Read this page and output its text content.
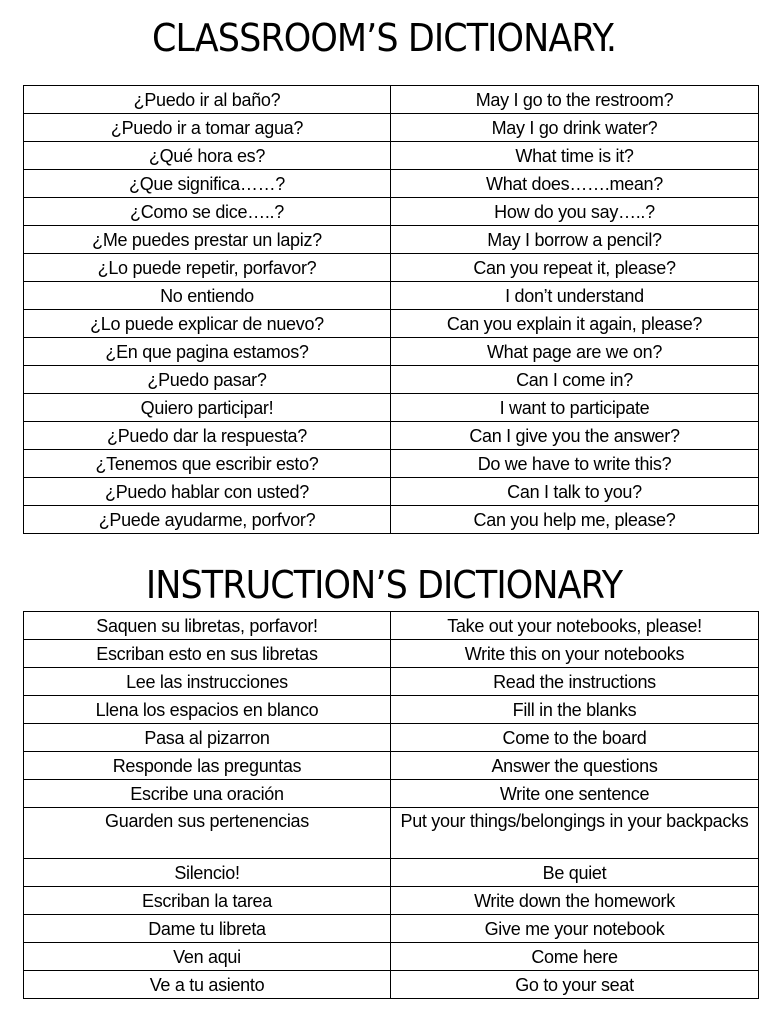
CLASSROOM’S DICTIONARY.
¿Puedo ir al baño?	May I go to the restroom?
¿Puedo ir a tomar agua?	May I go drink water?
¿Qué hora es?	What time is it?
¿Que significa……?	What does…….mean?
¿Como se dice…..?	How do you say…..?
¿Me puedes prestar un lapiz?	May I borrow a pencil?
¿Lo puede repetir, porfavor?	Can you repeat it, please?
No entiendo	I don’t understand
¿Lo puede explicar de nuevo?	Can you explain it again, please?
¿En que pagina estamos?	What page are we on?
¿Puedo pasar?	Can I come in?
Quiero participar!	I want to participate
¿Puedo dar la respuesta?	Can I give you the answer?
¿Tenemos que escribir esto?	Do we have to write this?
¿Puedo hablar con usted?	Can I talk to you?
¿Puede ayudarme, porfvor?	Can you help me, please?
INSTRUCTION’S DICTIONARY
Saquen su libretas, porfavor!	Take out your notebooks, please!
Escriban esto en sus libretas	Write this on your notebooks
Lee las instrucciones	Read the instructions
Llena los espacios en blanco	Fill in the blanks
Pasa al pizarron	Come to the board
Responde las preguntas	Answer the questions
Escribe una oración	Write one sentence
Guarden sus pertenencias	Put your things/belongings in your backpacks
Silencio!	Be quiet
Escriban la tarea	Write down the homework
Dame tu libreta	Give me your notebook
Ven aqui	Come here
Ve a tu asiento	Go to your seat
